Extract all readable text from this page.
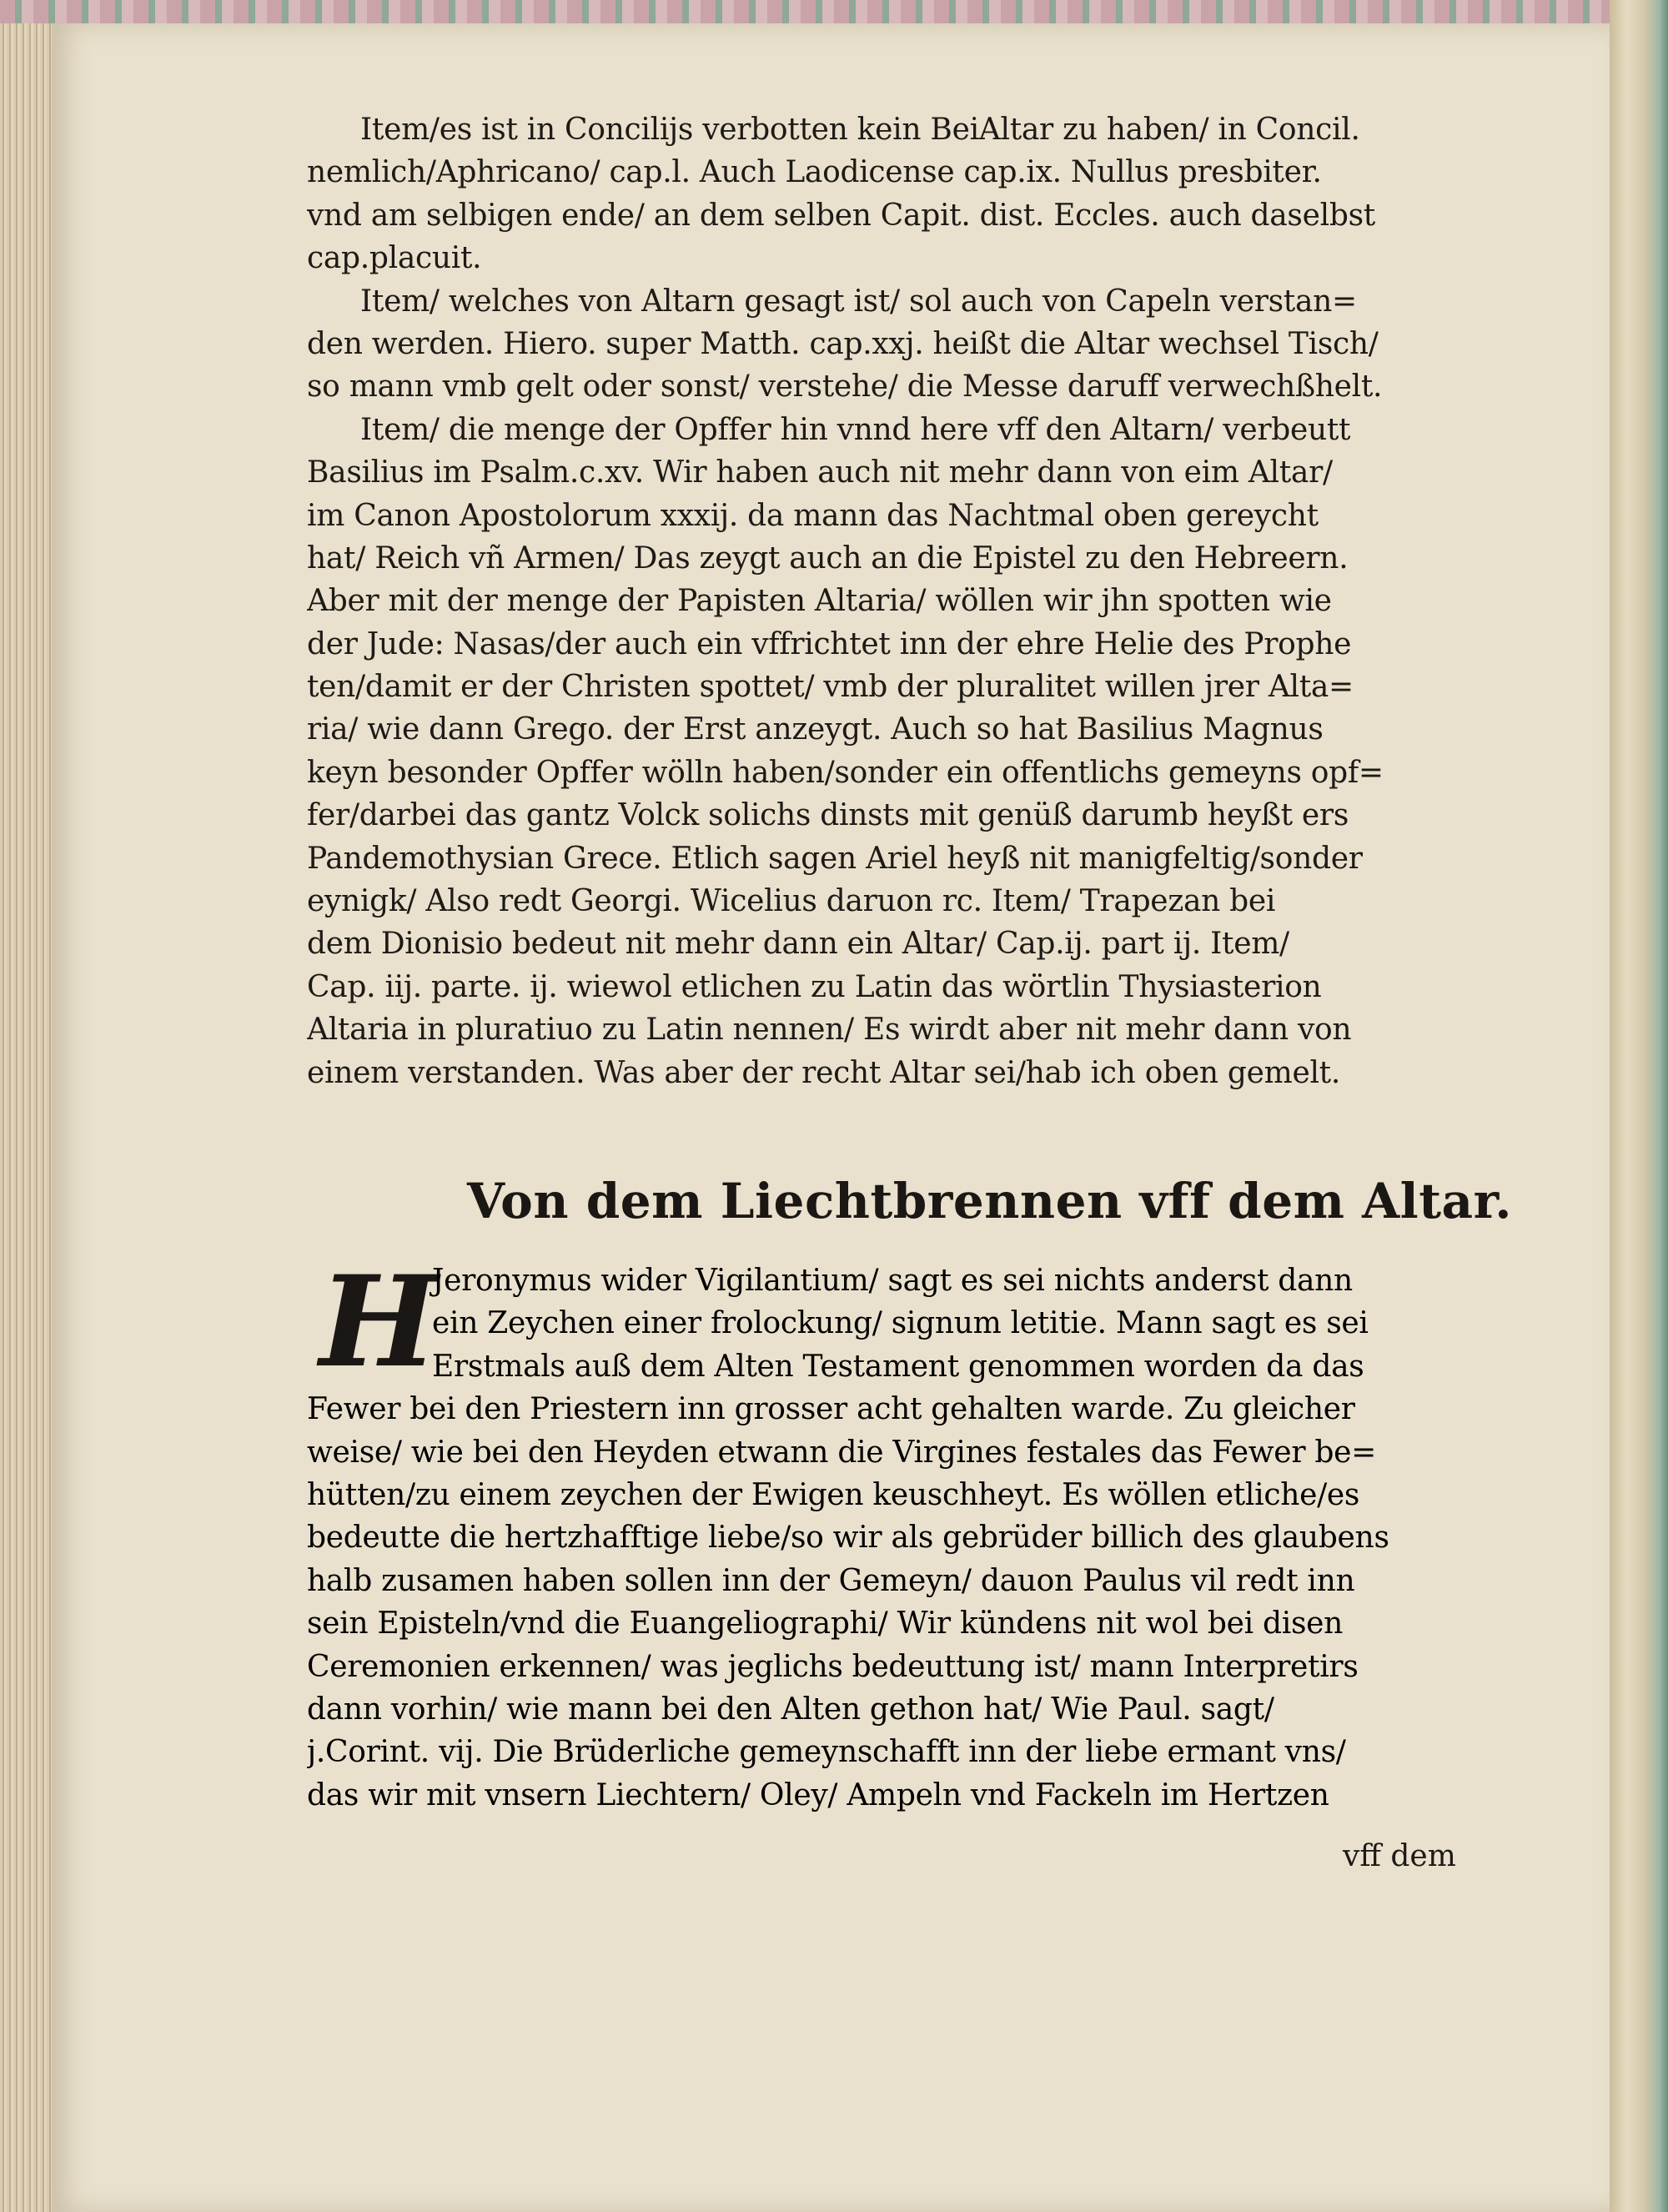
Item/es ist in Concilijs verbotten kein BeiAltar zu haben/ in Concil.
nemlich/Aphricano/ cap.l. Auch Laodicense cap.ix. Nullus presbiter.
vnd am selbigen ende/ an dem selben Capit. dist. Eccles. auch daselbst
cap.placuit.

Item/ welches von Altarn gesagt ist/ sol auch von Capeln verstan=
den werden. Hiero. super Matth. cap.xxj. heißt die Altar wechsel Tisch/
so mann vmb gelt oder sonst/ verstehe/ die Messe daruff verwechßhelt.

Item/ die menge der Opffer hin vnnd here vff den Altarn/ verbeutt
Basilius im Psalm.c.xv. Wir haben auch nit mehr dann von eim Altar/
im Canon Apostolorum xxxij. da mann das Nachtmal oben gereycht
hat/ Reich vñ Armen/ Das zeygt auch an die Epistel zu den Hebreern.
Aber mit der menge der Papisten Altaria/ wöllen wir jhn spotten wie
der Jude: Nasas/der auch ein vffrichtet inn der ehre Helie des Prophe
ten/damit er der Christen spottet/ vmb der pluralitet willen jrer Alta=
ria/ wie dann Grego. der Erst anzeygt. Auch so hat Basilius Magnus
keyn besonder Opffer wölln haben/sonder ein offentlichs gemeyns opf=
fer/darbei das gantz Volck solichs dinsts mit genüß darumb heyßt ers
Pandemothysian Grece. Etlich sagen Ariel heyß nit manigfeltig/sonder
eynigk/ Also redt Georgi. Wicelius daruon rc. Item/ Trapezan bei
dem Dionisio bedeut nit mehr dann ein Altar/ Cap.ij. part ij. Item/
Cap. iij. parte. ij. wiewol etlichen zu Latin das wörtlin Thysiasterion
Altaria in pluratiuo zu Latin nennen/ Es wirdt aber nit mehr dann von
einem verstanden. Was aber der recht Altar sei/hab ich oben gemelt.

Von dem Liechtbrennen vff dem Altar.
H

Jeronymus wider Vigilantium/ sagt es sei nichts anderst dann
ein Zeychen einer frolockung/ signum letitie. Mann sagt es sei
Erstmals auß dem Alten Testament genommen worden da das
Fewer bei den Priestern inn grosser acht gehalten warde. Zu gleicher
weise/ wie bei den Heyden etwann die Virgines festales das Fewer be=
hütten/zu einem zeychen der Ewigen keuschheyt. Es wöllen etliche/es
bedeutte die hertzhafftige liebe/so wir als gebrüder billich des glaubens
halb zusamen haben sollen inn der Gemeyn/ dauon Paulus vil redt inn
sein Episteln/vnd die Euangeliographi/ Wir kündens nit wol bei disen
Ceremonien erkennen/ was jeglichs bedeuttung ist/ mann Interpretirs
dann vorhin/ wie mann bei den Alten gethon hat/ Wie Paul. sagt/
j.Corint. vij. Die Brüderliche gemeynschafft inn der liebe ermant vns/
das wir mit vnsern Liechtern/ Oley/ Ampeln vnd Fackeln im Hertzen

vff dem
